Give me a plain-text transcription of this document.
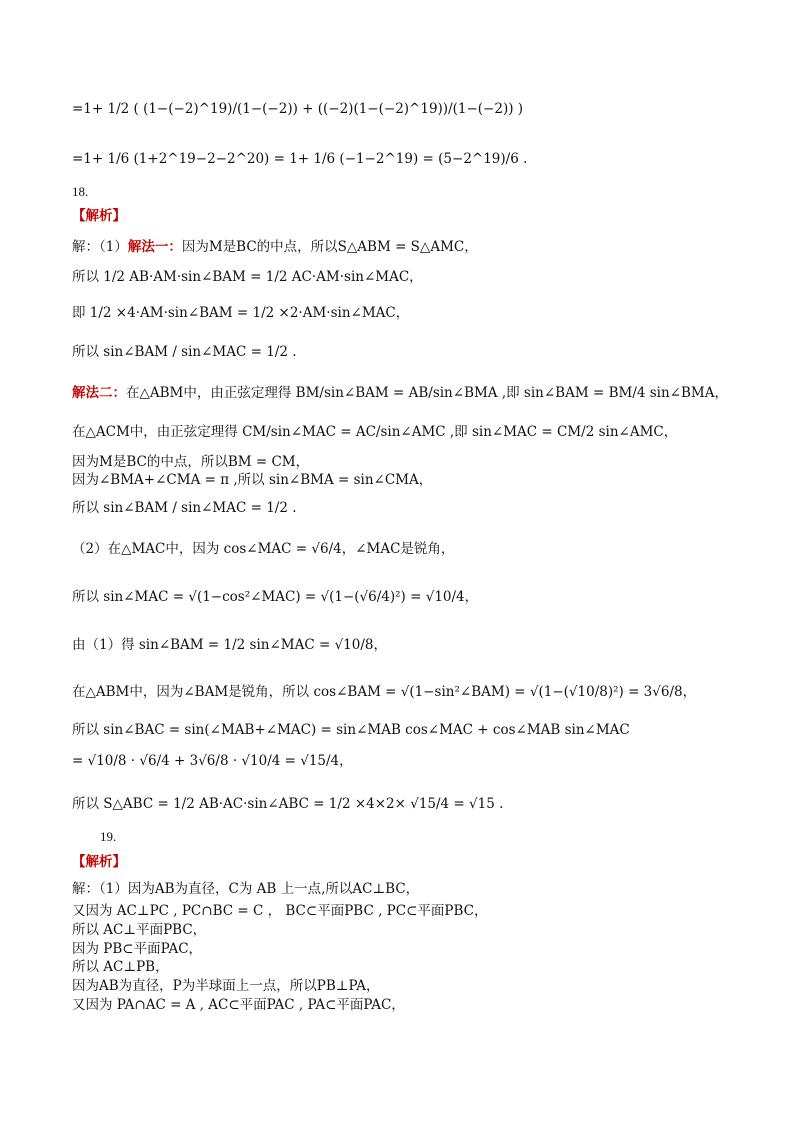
=1+ 1/2 ( (1−(−2)^19)/(1−(−2)) + ((−2)(1−(−2)^19))/(1−(−2)) )
=1+ 1/6 (1+2^19−2−2^20) = 1+ 1/6 (−1−2^19) = (5−2^19)/6 .
18.
【解析】
解：（1）解法一：因为M是BC的中点，所以S△ABM = S△AMC，
所以 1/2 AB·AM·sin∠BAM = 1/2 AC·AM·sin∠MAC，
即 1/2 ×4·AM·sin∠BAM = 1/2 ×2·AM·sin∠MAC，
所以 sin∠BAM / sin∠MAC = 1/2 .
解法二：在△ABM中，由正弦定理得 BM/sin∠BAM = AB/sin∠BMA ,即 sin∠BAM = BM/4 sin∠BMA，
在△ACM中，由正弦定理得 CM/sin∠MAC = AC/sin∠AMC ,即 sin∠MAC = CM/2 sin∠AMC，
因为M是BC的中点，所以BM = CM，
因为∠BMA+∠CMA = π ,所以 sin∠BMA = sin∠CMA，
所以 sin∠BAM / sin∠MAC = 1/2 .
（2）在△MAC中，因为 cos∠MAC = √6/4，∠MAC是锐角，
所以 sin∠MAC = √(1−cos²∠MAC) = √(1−(√6/4)²) = √10/4，
由（1）得 sin∠BAM = 1/2 sin∠MAC = √10/8，
在△ABM中，因为∠BAM是锐角，所以 cos∠BAM = √(1−sin²∠BAM) = √(1−(√10/8)²) = 3√6/8，
所以 sin∠BAC = sin(∠MAB+∠MAC) = sin∠MAB cos∠MAC + cos∠MAB sin∠MAC
= √10/8 · √6/4 + 3√6/8 · √10/4 = √15/4，
所以 S△ABC = 1/2 AB·AC·sin∠ABC = 1/2 ×4×2× √15/4 = √15 .
19.
【解析】
解：（1）因为AB为直径，C为 AB 上一点,所以AC⊥BC，
又因为 AC⊥PC , PC∩BC = C ， BC⊂平面PBC , PC⊂平面PBC，
所以 AC⊥平面PBC，
因为 PB⊂平面PAC，
所以 AC⊥PB，
因为AB为直径，P为半球面上一点，所以PB⊥PA，
又因为 PA∩AC = A , AC⊂平面PAC , PA⊂平面PAC，
